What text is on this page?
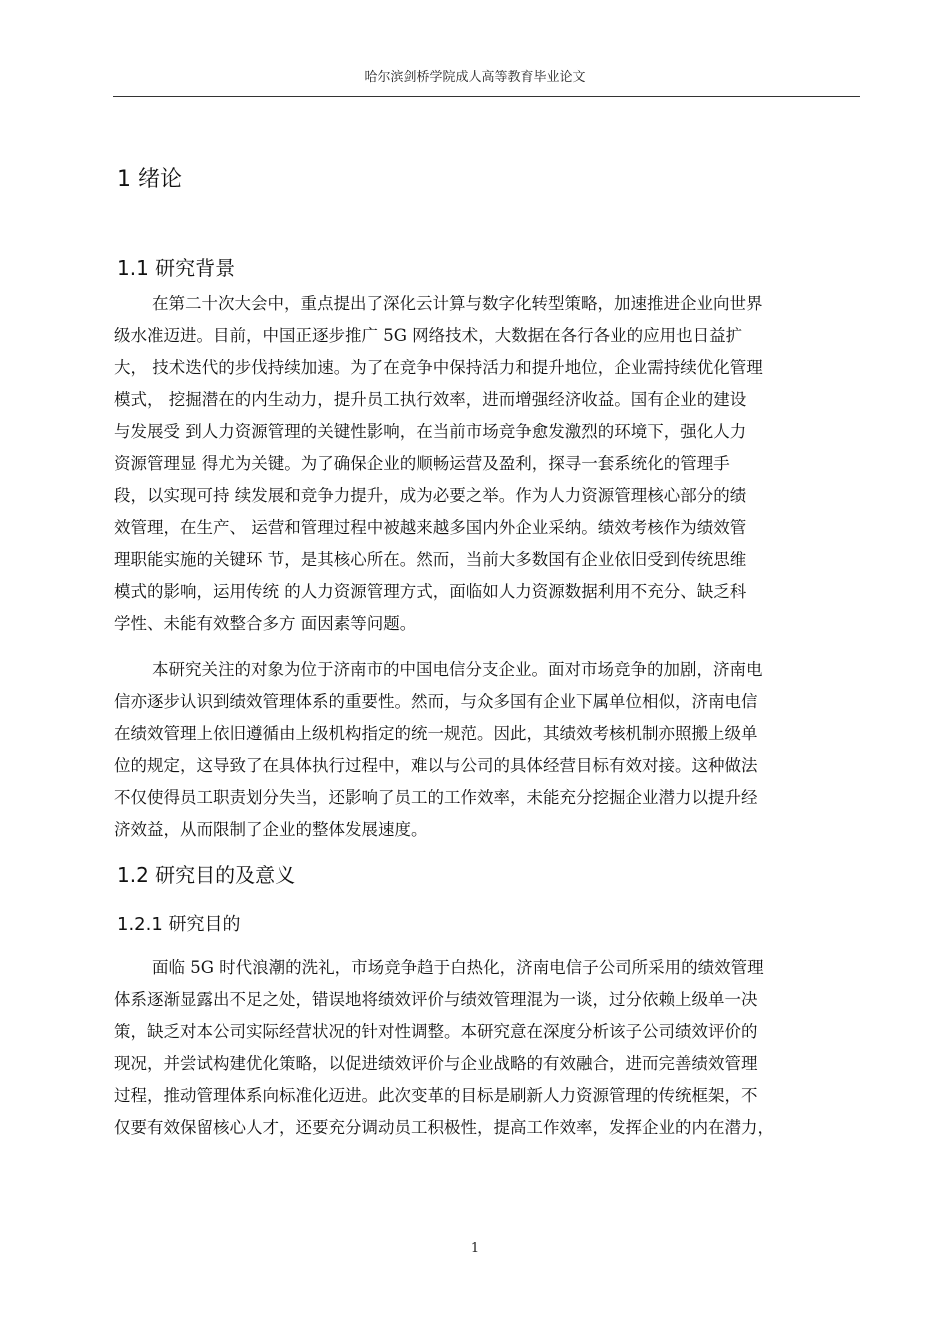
哈尔滨剑桥学院成人高等教育毕业论文
1 绪论
1.1 研究背景
在第二十次大会中，重点提出了深化云计算与数字化转型策略，加速推进企业向世界
级水准迈进。目前，中国正逐步推广 5G 网络技术，大数据在各行各业的应用也日益扩
大， 技术迭代的步伐持续加速。为了在竞争中保持活力和提升地位，企业需持续优化管理
模式， 挖掘潜在的内生动力，提升员工执行效率，进而增强经济收益。国有企业的建设
与发展受 到人力资源管理的关键性影响，在当前市场竞争愈发激烈的环境下，强化人力
资源管理显 得尤为关键。为了确保企业的顺畅运营及盈利，探寻一套系统化的管理手
段，以实现可持 续发展和竞争力提升，成为必要之举。作为人力资源管理核心部分的绩
效管理，在生产、 运营和管理过程中被越来越多国内外企业采纳。绩效考核作为绩效管
理职能实施的关键环 节，是其核心所在。然而，当前大多数国有企业依旧受到传统思维
模式的影响，运用传统 的人力资源管理方式，面临如人力资源数据利用不充分、缺乏科
学性、未能有效整合多方 面因素等问题。
本研究关注的对象为位于济南市的中国电信分支企业。面对市场竞争的加剧，济南电
信亦逐步认识到绩效管理体系的重要性。然而，与众多国有企业下属单位相似，济南电信
在绩效管理上依旧遵循由上级机构指定的统一规范。因此，其绩效考核机制亦照搬上级单
位的规定，这导致了在具体执行过程中，难以与公司的具体经营目标有效对接。这种做法
不仅使得员工职责划分失当，还影响了员工的工作效率，未能充分挖掘企业潜力以提升经
济效益，从而限制了企业的整体发展速度。
1.2 研究目的及意义
1.2.1 研究目的
面临 5G 时代浪潮的洗礼，市场竞争趋于白热化，济南电信子公司所采用的绩效管理
体系逐渐显露出不足之处，错误地将绩效评价与绩效管理混为一谈，过分依赖上级单一决
策，缺乏对本公司实际经营状况的针对性调整。本研究意在深度分析该子公司绩效评价的
现况，并尝试构建优化策略，以促进绩效评价与企业战略的有效融合，进而完善绩效管理
过程，推动管理体系向标准化迈进。此次变革的目标是刷新人力资源管理的传统框架，不
仅要有效保留核心人才，还要充分调动员工积极性，提高工作效率，发挥企业的内在潜力，
1
